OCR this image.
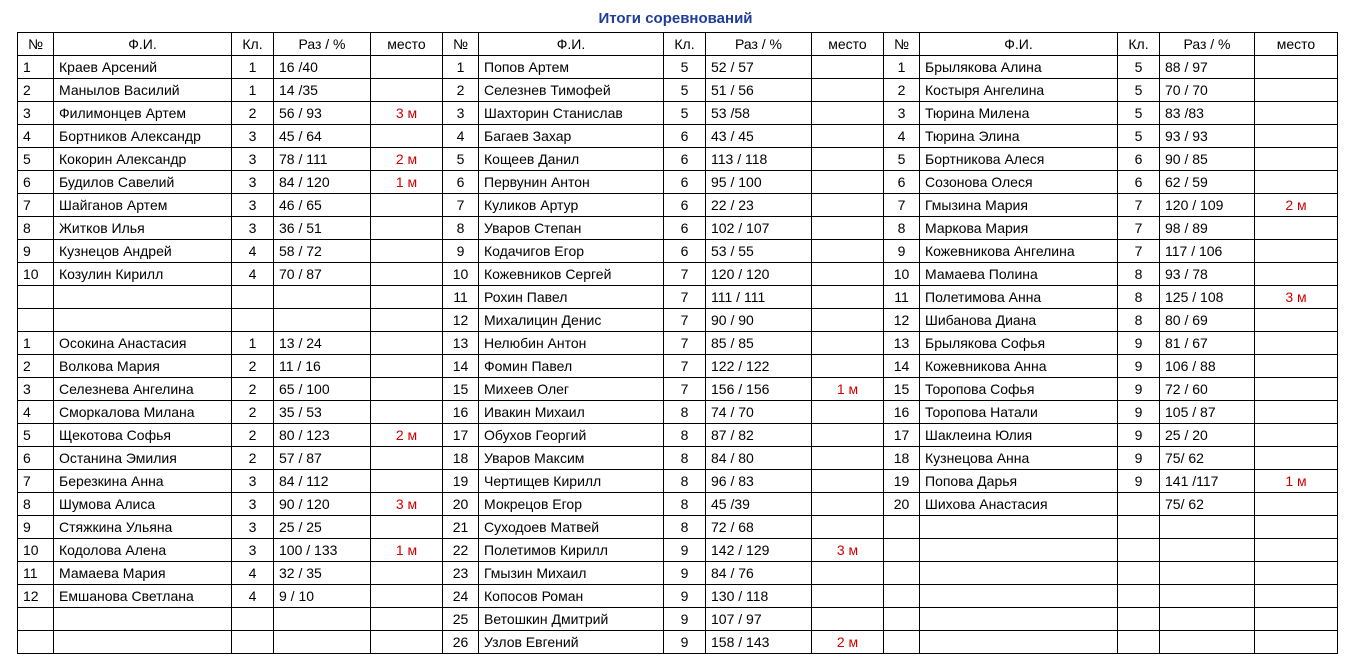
Итоги соревнований
№	Ф.И.	Кл.	Раз / %	место	№	Ф.И.	Кл.	Раз / %	место	№	Ф.И.	Кл.	Раз / %	место
1	Краев Арсений	1	16 /40		1	Попов Артем	5	52 / 57		1	Брылякова Алина	5	88 / 97	
2	Манылов Василий	1	14 /35		2	Селезнев Тимофей	5	51 / 56		2	Костыря Ангелина	5	70 / 70	
3	Филимонцев Артем	2	56 / 93	3 м	3	Шахторин Станислав	5	53 /58		3	Тюрина Милена	5	83 /83	
4	Бортников Александр	3	45 / 64		4	Багаев Захар	6	43 / 45		4	Тюрина Элина	5	93 / 93	
5	Кокорин Александр	3	78 / 111	2 м	5	Кощеев Данил	6	113 / 118		5	Бортникова Алеся	6	90 / 85	
6	Будилов Савелий	3	84 / 120	1 м	6	Первунин Антон	6	95 / 100		6	Созонова Олеся	6	62 / 59	
7	Шайганов Артем	3	46 / 65		7	Куликов Артур	6	22 / 23		7	Гмызина Мария	7	120 / 109	2 м
8	Житков Илья	3	36 / 51		8	Уваров Степан	6	102 / 107		8	Маркова Мария	7	98 / 89	
9	Кузнецов Андрей	4	58 / 72		9	Кодачигов Егор	6	53 / 55		9	Кожевникова Ангелина	7	117 / 106	
10	Козулин Кирилл	4	70 / 87		10	Кожевников Сергей	7	120 / 120		10	Мамаева Полина	8	93 / 78	
					11	Рохин Павел	7	111 / 111		11	Полетимова Анна	8	125 / 108	3 м
					12	Михалицин Денис	7	90 / 90		12	Шибанова Диана	8	80 / 69	
1	Осокина Анастасия	1	13 / 24		13	Нелюбин Антон	7	85 / 85		13	Брылякова Софья	9	81 / 67	
2	Волкова Мария	2	11 / 16		14	Фомин Павел	7	122 / 122		14	Кожевникова Анна	9	106 / 88	
3	Селезнева Ангелина	2	65 / 100		15	Михеев Олег	7	156 / 156	1 м	15	Торопова Софья	9	72 / 60	
4	Сморкалова Милана	2	35 / 53		16	Ивакин Михаил	8	74 / 70		16	Торопова Натали	9	105 / 87	
5	Щекотова Софья	2	80 / 123	2 м	17	Обухов Георгий	8	87 / 82		17	Шаклеина Юлия	9	25 / 20	
6	Останина Эмилия	2	57 / 87		18	Уваров Максим	8	84 / 80		18	Кузнецова Анна	9	75/ 62	
7	Березкина Анна	3	84 / 112		19	Чертищев Кирилл	8	96 / 83		19	Попова Дарья	9	141 /117	1 м
8	Шумова Алиса	3	90 / 120	3 м	20	Мокрецов Егор	8	45 /39		20	Шихова Анастасия		75/ 62	
9	Стяжкина Ульяна	3	25 / 25		21	Суходоев Матвей	8	72 / 68						
10	Кодолова Алена	3	100 / 133	1 м	22	Полетимов Кирилл	9	142 / 129	3 м					
11	Мамаева Мария	4	32 / 35		23	Гмызин Михаил	9	84 / 76						
12	Емшанова Светлана	4	9 / 10		24	Копосов Роман	9	130 / 118						
					25	Ветошкин Дмитрий	9	107 / 97						
					26	Узлов Евгений	9	158 / 143	2 м					
